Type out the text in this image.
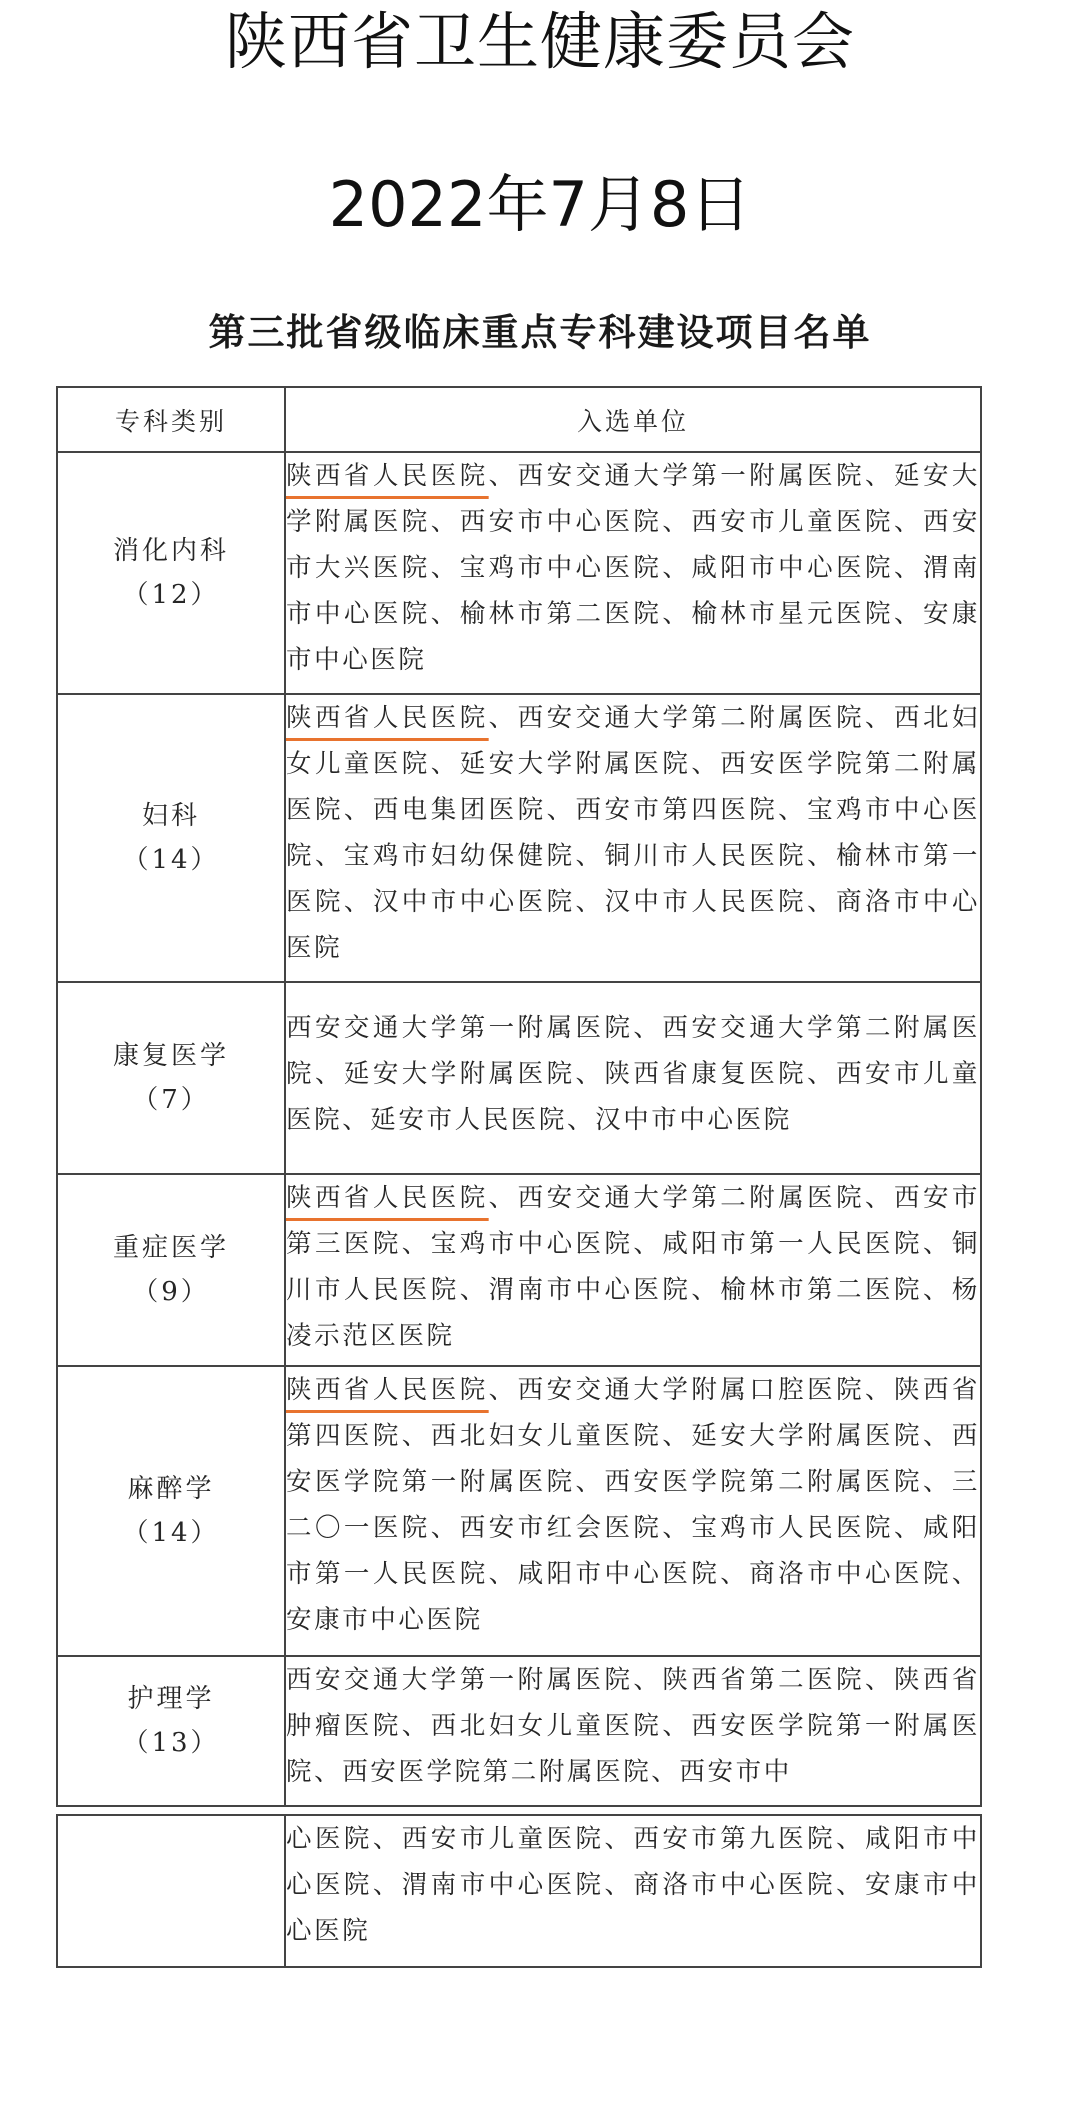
陕西省卫生健康委员会
2022年7月8日
第三批省级临床重点专科建设项目名单
专科类别	入选单位

消化内科
（12）	陕西省人民医院、西安交通大学第一附属医院、延安大学附属医院、西安市中心医院、西安市儿童医院、西安市大兴医院、宝鸡市中心医院、咸阳市中心医院、渭南市中心医院、榆林市第二医院、榆林市星元医院、安康市中心医院

妇科
（14）	陕西省人民医院、西安交通大学第二附属医院、西北妇女儿童医院、延安大学附属医院、西安医学院第二附属医院、西电集团医院、西安市第四医院、宝鸡市中心医院、宝鸡市妇幼保健院、铜川市人民医院、榆林市第一医院、汉中市中心医院、汉中市人民医院、商洛市中心医院

康复医学
（7）	西安交通大学第一附属医院、西安交通大学第二附属医院、延安大学附属医院、陕西省康复医院、西安市儿童医院、延安市人民医院、汉中市中心医院

重症医学
（9）	陕西省人民医院、西安交通大学第二附属医院、西安市第三医院、宝鸡市中心医院、咸阳市第一人民医院、铜川市人民医院、渭南市中心医院、榆林市第二医院、杨凌示范区医院

麻醉学
（14）	陕西省人民医院、西安交通大学附属口腔医院、陕西省第四医院、西北妇女儿童医院、延安大学附属医院、西安医学院第一附属医院、西安医学院第二附属医院、三二〇一医院、西安市红会医院、宝鸡市人民医院、咸阳市第一人民医院、咸阳市中心医院、商洛市中心医院、安康市中心医院

护理学
（13）	西安交通大学第一附属医院、陕西省第二医院、陕西省肿瘤医院、西北妇女儿童医院、西安医学院第一附属医院、西安医学院第二附属医院、西安市中
	心医院、西安市儿童医院、西安市第九医院、咸阳市中心医院、渭南市中心医院、商洛市中心医院、安康市中心医院
